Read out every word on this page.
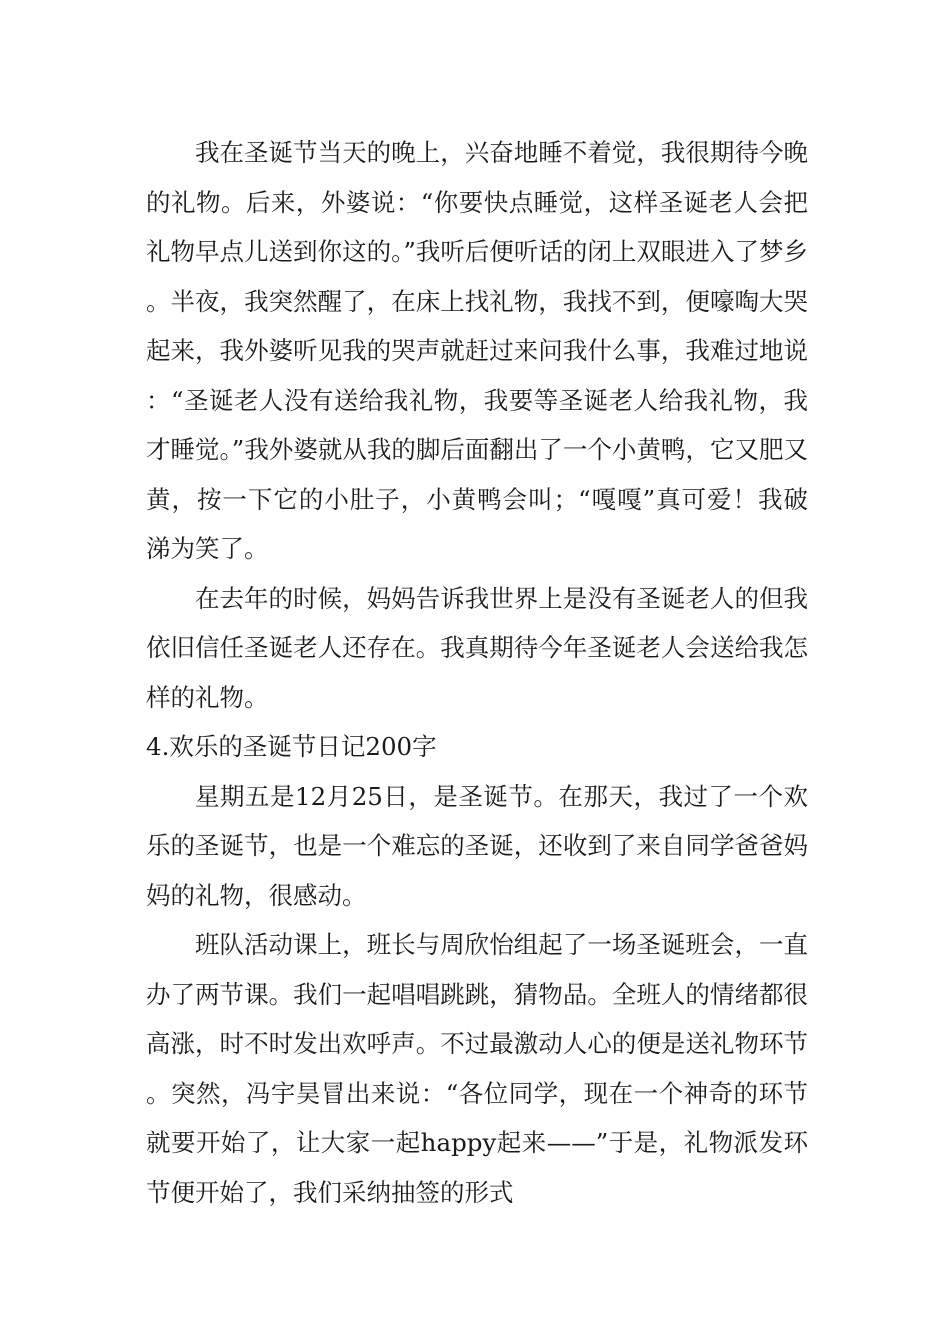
我在圣诞节当天的晚上，兴奋地睡不着觉，我很期待今晚的礼物。后来，外婆说：“你要快点睡觉，这样圣诞老人会把礼物早点儿送到你这的。”我听后便听话的闭上双眼进入了梦乡。半夜，我突然醒了，在床上找礼物，我找不到，便嚎啕大哭起来，我外婆听见我的哭声就赶过来问我什么事，我难过地说：“圣诞老人没有送给我礼物，我要等圣诞老人给我礼物，我才睡觉。”我外婆就从我的脚后面翻出了一个小黄鸭，它又肥又黄，按一下它的小肚子，小黄鸭会叫；“嘎嘎”真可爱！我破涕为笑了。

在去年的时候，妈妈告诉我世界上是没有圣诞老人的但我依旧信任圣诞老人还存在。我真期待今年圣诞老人会送给我怎样的礼物。

4.欢乐的圣诞节日记200字

星期五是12月25日，是圣诞节。在那天，我过了一个欢乐的圣诞节，也是一个难忘的圣诞，还收到了来自同学爸爸妈妈的礼物，很感动。

班队活动课上，班长与周欣怡组起了一场圣诞班会，一直办了两节课。我们一起唱唱跳跳，猜物品。全班人的情绪都很高涨，时不时发出欢呼声。不过最激动人心的便是送礼物环节。突然，冯宇昊冒出来说：“各位同学，现在一个神奇的环节就要开始了，让大家一起happy起来——”于是，礼物派发环节便开始了，我们采纳抽签的形式
